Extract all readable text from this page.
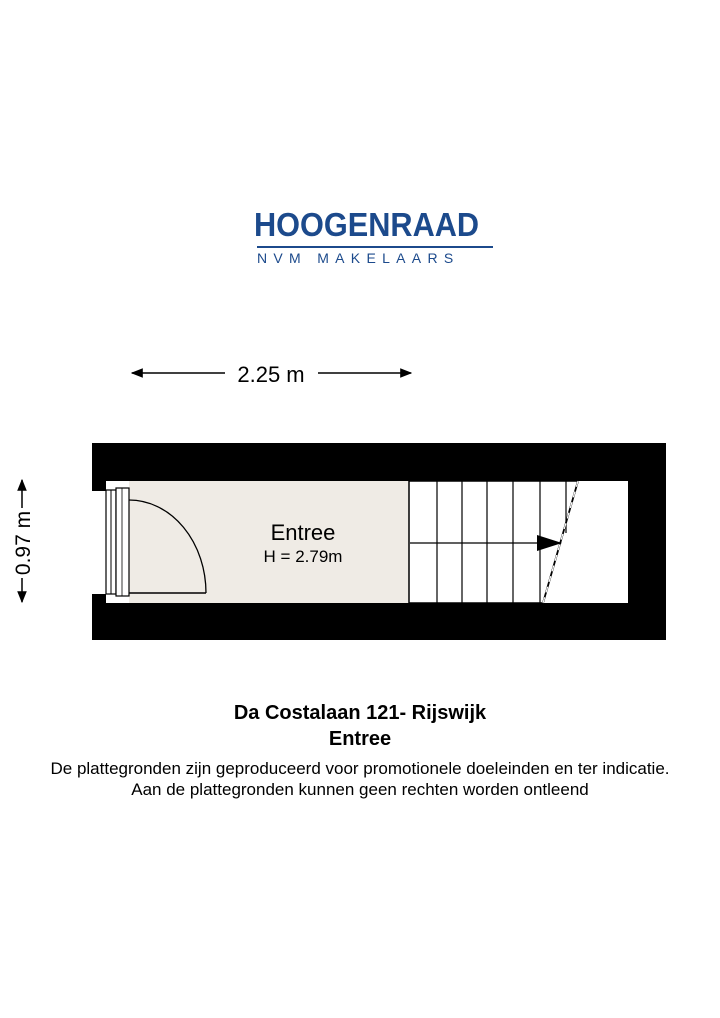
HOOGENRAAD
NVM MAKELAARS
2.25 m
0.97 m	Entree
H = 2.79m
Da Costalaan 121- Rijswijk
Entree
De plattegronden zijn geproduceerd voor promotionele doeleinden en ter indicatie.
Aan de plattegronden kunnen geen rechten worden ontleend
